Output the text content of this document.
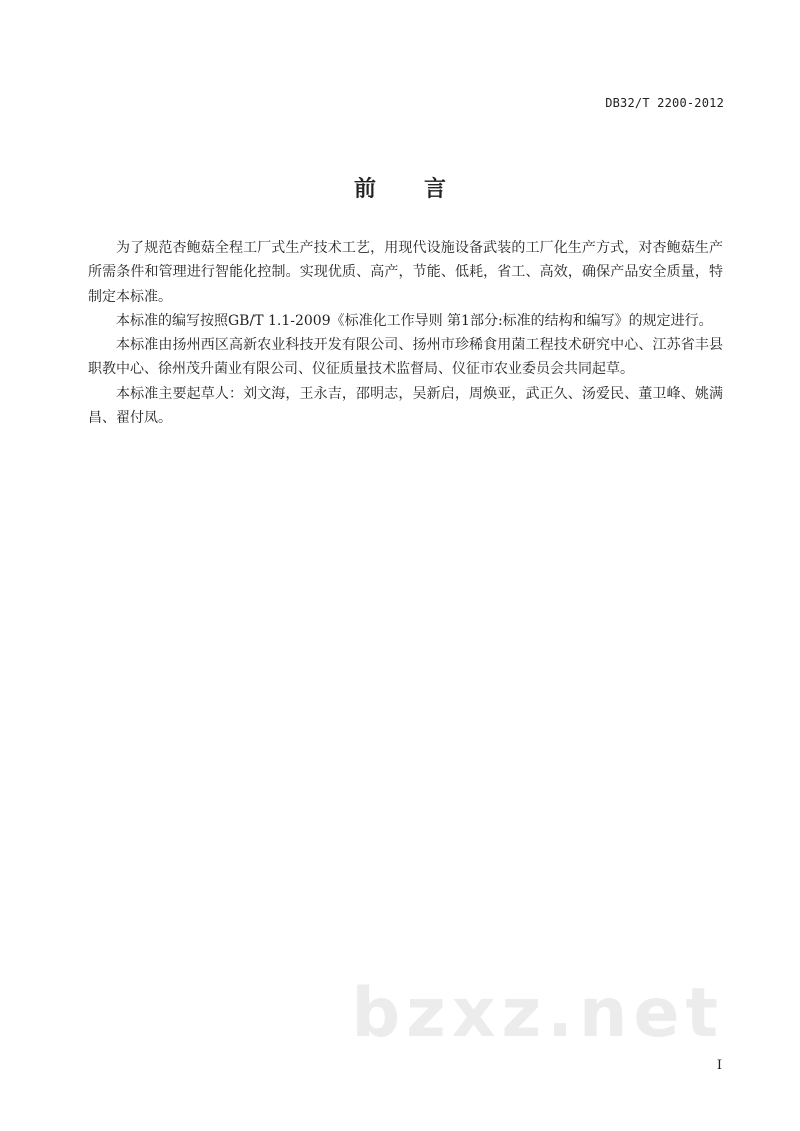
DB32/T 2200-2012
前 言

为了规范杏鲍菇全程工厂式生产技术工艺，用现代设施设备武装的工厂化生产方式，对杏鲍菇生产所需条件和管理进行智能化控制。实现优质、高产，节能、低耗，省工、高效，确保产品安全质量，特制定本标准。

本标准的编写按照GB/T 1.1-2009《标准化工作导则 第1部分:标准的结构和编写》的规定进行。

本标准由扬州西区高新农业科技开发有限公司、扬州市珍稀食用菌工程技术研究中心、江苏省丰县职教中心、徐州茂升菌业有限公司、仪征质量技术监督局、仪征市农业委员会共同起草。

本标准主要起草人：刘文海，王永吉，邵明志，吴新启，周焕亚，武正久、汤爱民、董卫峰、姚满昌、翟付凤。

bzxz.net
I
